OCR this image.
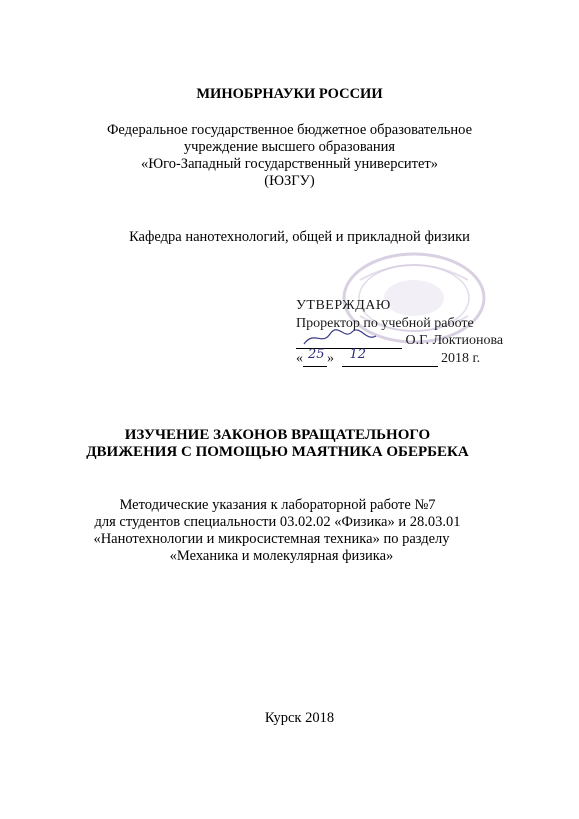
МИНОБРНАУКИ РОССИИ
Федеральное государственное бюджетное образовательное
учреждение высшего образования
«Юго-Западный государственный университет»
(ЮЗГУ)
Кафедра нанотехнологий, общей и прикладной физики
УТВЕРЖДАЮ
Проректор по учебной работе
О.Г. Локтионова
« 25 » 12	2018 г.
ИЗУЧЕНИЕ ЗАКОНОВ ВРАЩАТЕЛЬНОГО
ДВИЖЕНИЯ С ПОМОЩЬЮ МАЯТНИКА ОБЕРБЕКА
Методические указания к лабораторной работе №7
для студентов специальности 03.02.02 «Физика» и 28.03.01
«Нанотехнологии и микросистемная техника» по разделу
«Механика и молекулярная физика»
Курск 2018
